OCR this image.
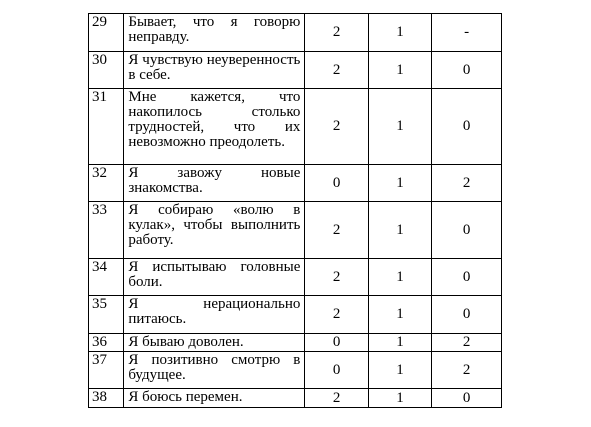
29	Бывает, что я говорю неправду.	2	1	-
30	Я чувствую неуверенность в себе.	2	1	0
31	Мне кажется, что накопилось столько трудностей, что их невозможно преодолеть.	2	1	0
32	Я завожу новые знакомства.	0	1	2
33	Я собираю «волю в кулак», чтобы выполнить работу.	2	1	0
34	Я испытываю головные боли.	2	1	0
35	Я нерационально питаюсь.	2	1	0
36	Я бываю доволен.	0	1	2
37	Я позитивно смотрю в будущее.	0	1	2
38	Я боюсь перемен.	2	1	0
